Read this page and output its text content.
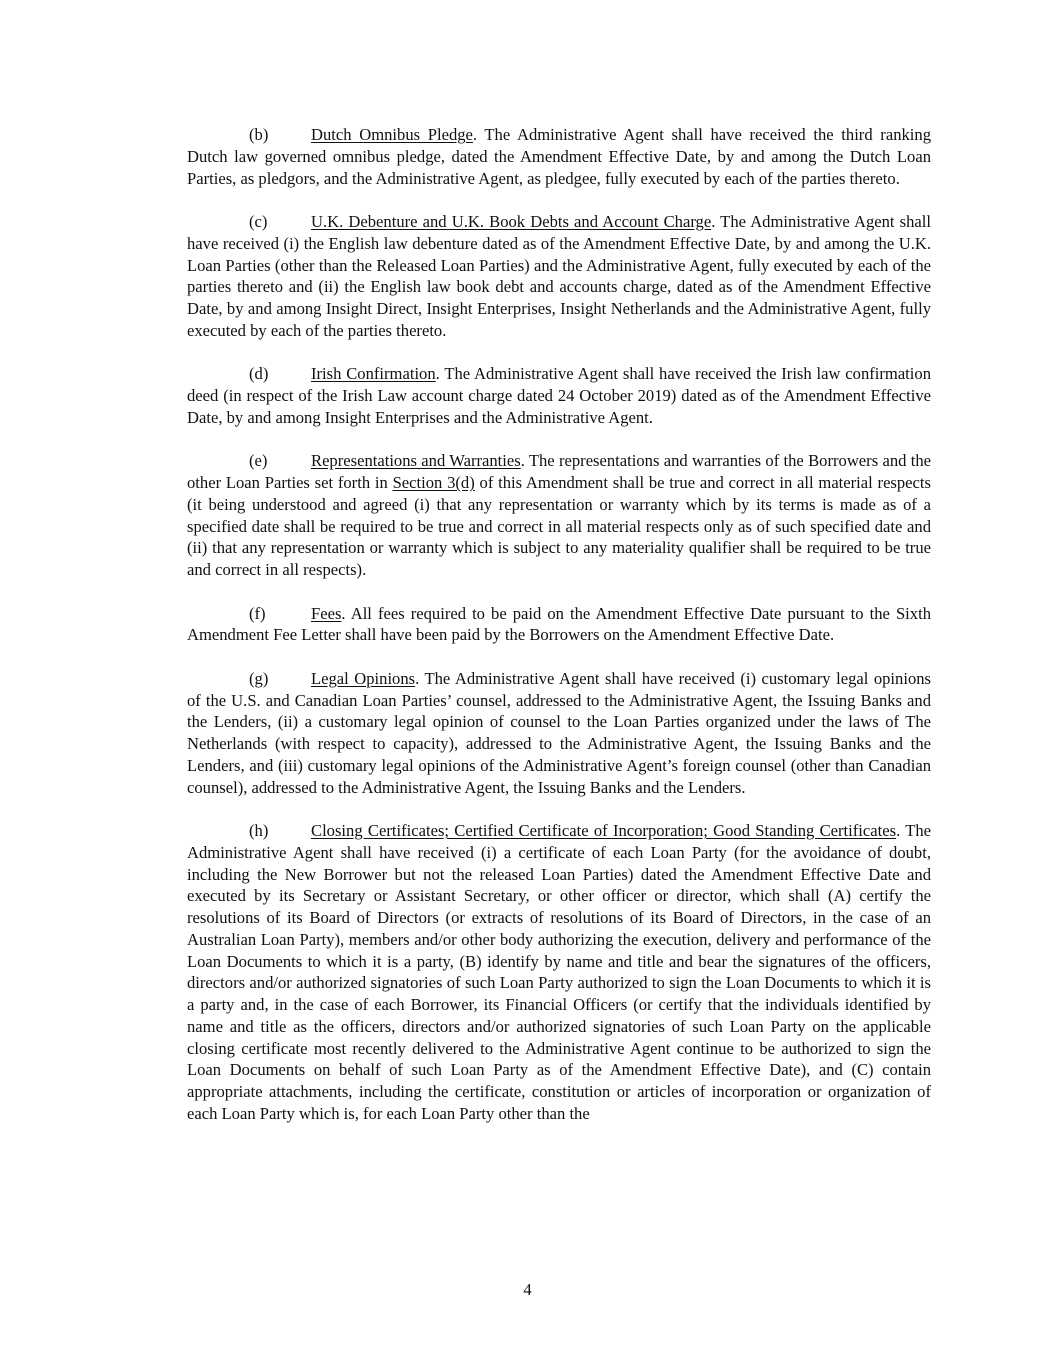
(b)	Dutch Omnibus Pledge. The Administrative Agent shall have received the third ranking Dutch law governed omnibus pledge, dated the Amendment Effective Date, by and among the Dutch Loan Parties, as pledgors, and the Administrative Agent, as pledgee, fully executed by each of the parties thereto.

(c)	U.K. Debenture and U.K. Book Debts and Account Charge. The Administrative Agent shall have received (i) the English law debenture dated as of the Amendment Effective Date, by and among the U.K. Loan Parties (other than the Released Loan Parties) and the Administrative Agent, fully executed by each of the parties thereto and (ii) the English law book debt and accounts charge, dated as of the Amendment Effective Date, by and among Insight Direct, Insight Enterprises, Insight Netherlands and the Administrative Agent, fully executed by each of the parties thereto.

(d)	Irish Confirmation. The Administrative Agent shall have received the Irish law confirmation deed (in respect of the Irish Law account charge dated 24 October 2019) dated as of the Amendment Effective Date, by and among Insight Enterprises and the Administrative Agent.

(e)	Representations and Warranties. The representations and warranties of the Borrowers and the other Loan Parties set forth in Section 3(d) of this Amendment shall be true and correct in all material respects (it being understood and agreed (i) that any representation or warranty which by its terms is made as of a specified date shall be required to be true and correct in all material respects only as of such specified date and (ii) that any representation or warranty which is subject to any materiality qualifier shall be required to be true and correct in all respects).

(f)	Fees. All fees required to be paid on the Amendment Effective Date pursuant to the Sixth Amendment Fee Letter shall have been paid by the Borrowers on the Amendment Effective Date.

(g)	Legal Opinions. The Administrative Agent shall have received (i) customary legal opinions of the U.S. and Canadian Loan Parties’ counsel, addressed to the Administrative Agent, the Issuing Banks and the Lenders, (ii) a customary legal opinion of counsel to the Loan Parties organized under the laws of The Netherlands (with respect to capacity), addressed to the Administrative Agent, the Issuing Banks and the Lenders, and (iii) customary legal opinions of the Administrative Agent’s foreign counsel (other than Canadian counsel), addressed to the Administrative Agent, the Issuing Banks and the Lenders.

(h)	Closing Certificates; Certified Certificate of Incorporation; Good Standing Certificates. The Administrative Agent shall have received (i) a certificate of each Loan Party (for the avoidance of doubt, including the New Borrower but not the released Loan Parties) dated the Amendment Effective Date and executed by its Secretary or Assistant Secretary, or other officer or director, which shall (A) certify the resolutions of its Board of Directors (or extracts of resolutions of its Board of Directors, in the case of an Australian Loan Party), members and/or other body authorizing the execution, delivery and performance of the Loan Documents to which it is a party, (B) identify by name and title and bear the signatures of the officers, directors and/or authorized signatories of such Loan Party authorized to sign the Loan Documents to which it is a party and, in the case of each Borrower, its Financial Officers (or certify that the individuals identified by name and title as the officers, directors and/or authorized signatories of such Loan Party on the applicable closing certificate most recently delivered to the Administrative Agent continue to be authorized to sign the Loan Documents on behalf of such Loan Party as of the Amendment Effective Date), and (C) contain appropriate attachments, including the certificate, constitution or articles of incorporation or organization of each Loan Party which is, for each Loan Party other than the

4
